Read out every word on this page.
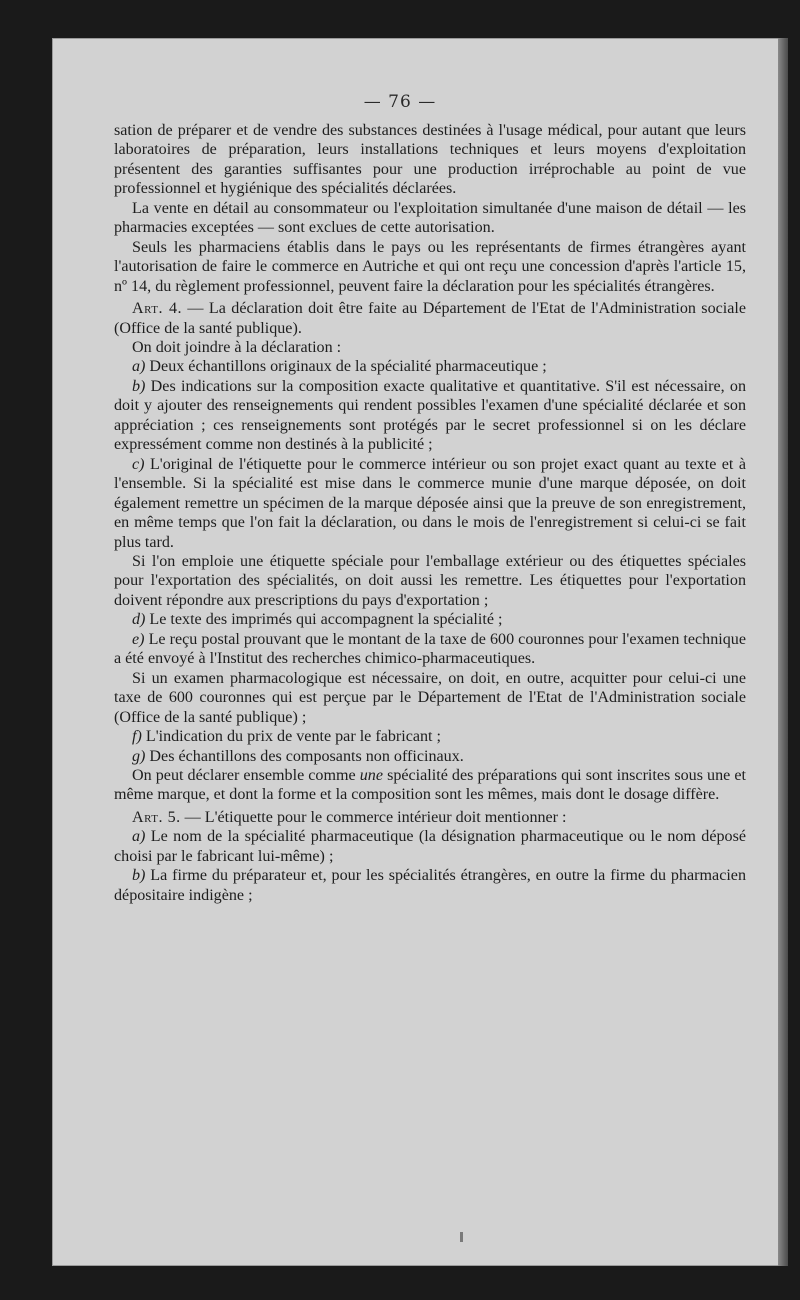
— 76 —

sation de préparer et de vendre des substances destinées à l'usage médical, pour autant que leurs laboratoires de préparation, leurs installations techniques et leurs moyens d'exploitation présentent des garanties suffisantes pour une production irréprochable au point de vue professionnel et hygiénique des spécialités déclarées.

La vente en détail au consommateur ou l'exploitation simultanée d'une maison de détail — les pharmacies exceptées — sont exclues de cette autorisation.

Seuls les pharmaciens établis dans le pays ou les représentants de firmes étrangères ayant l'autorisation de faire le commerce en Autriche et qui ont reçu une concession d'après l'article 15, nº 14, du règlement professionnel, peuvent faire la déclaration pour les spécialités étrangères.

Art. 4. — La déclaration doit être faite au Département de l'Etat de l'Administration sociale (Office de la santé publique).

On doit joindre à la déclaration :

a) Deux échantillons originaux de la spécialité pharmaceutique ;

b) Des indications sur la composition exacte qualitative et quantitative. S'il est nécessaire, on doit y ajouter des renseignements qui rendent possibles l'examen d'une spécialité déclarée et son appréciation ; ces renseignements sont protégés par le secret professionnel si on les déclare expressément comme non destinés à la publicité ;

c) L'original de l'étiquette pour le commerce intérieur ou son projet exact quant au texte et à l'ensemble. Si la spécialité est mise dans le commerce munie d'une marque déposée, on doit également remettre un spécimen de la marque déposée ainsi que la preuve de son enregistrement, en même temps que l'on fait la déclaration, ou dans le mois de l'enregistrement si celui-ci se fait plus tard.

Si l'on emploie une étiquette spéciale pour l'emballage extérieur ou des étiquettes spéciales pour l'exportation des spécialités, on doit aussi les remettre. Les étiquettes pour l'exportation doivent répondre aux prescriptions du pays d'exportation ;

d) Le texte des imprimés qui accompagnent la spécialité ;

e) Le reçu postal prouvant que le montant de la taxe de 600 couronnes pour l'examen technique a été envoyé à l'Institut des recherches chimico-pharmaceutiques.

Si un examen pharmacologique est nécessaire, on doit, en outre, acquitter pour celui-ci une taxe de 600 couronnes qui est perçue par le Département de l'Etat de l'Administration sociale (Office de la santé publique) ;

f) L'indication du prix de vente par le fabricant ;

g) Des échantillons des composants non officinaux.

On peut déclarer ensemble comme une spécialité des préparations qui sont inscrites sous une et même marque, et dont la forme et la composition sont les mêmes, mais dont le dosage diffère.

Art. 5. — L'étiquette pour le commerce intérieur doit mentionner :

a) Le nom de la spécialité pharmaceutique (la désignation pharmaceutique ou le nom déposé choisi par le fabricant lui-même) ;

b) La firme du préparateur et, pour les spécialités étrangères, en outre la firme du pharmacien dépositaire indigène ;
